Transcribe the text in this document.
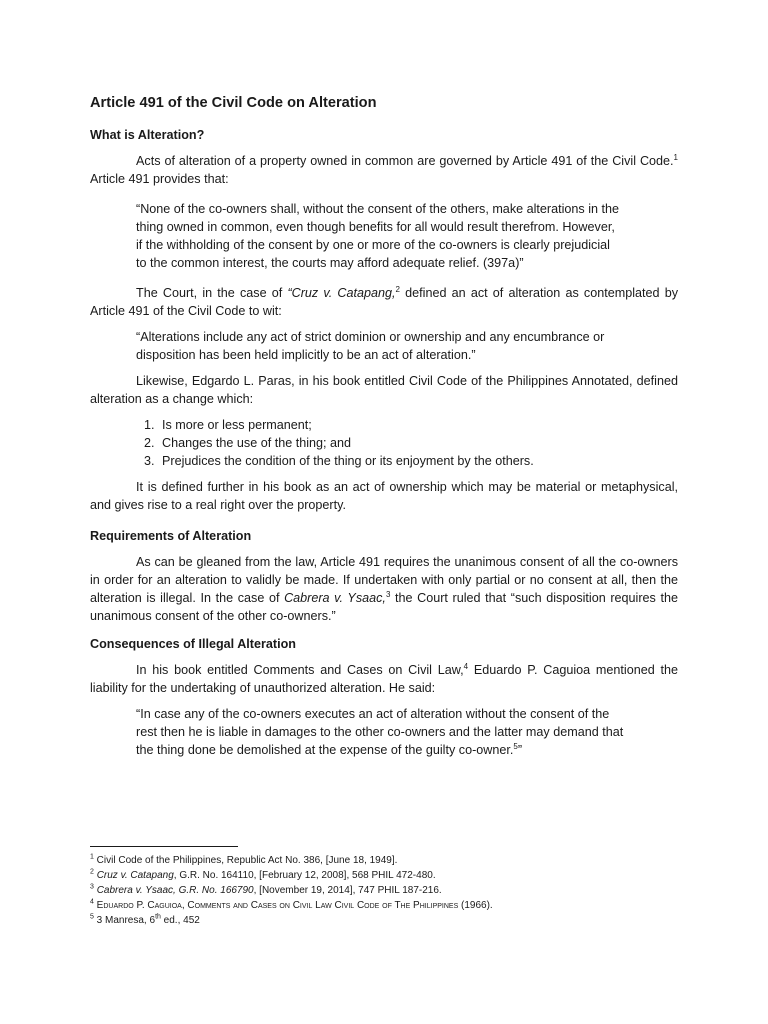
Article 491 of the Civil Code on Alteration
What is Alteration?

Acts of alteration of a property owned in common are governed by Article 491 of the Civil Code.$^1$ Article 491 provides that:

“None of the co-owners shall, without the consent of the others, make alterations in the
thing owned in common, even though benefits for all would result therefrom. However,
if the withholding of the consent by one or more of the co-owners is clearly prejudicial
to the common interest, the courts may afford adequate relief. (397a)”

The Court, in the case of “Cruz v. Catapang,$^2$ defined an act of alteration as contemplated by Article 491 of the Civil Code to wit:

“Alterations include any act of strict dominion or ownership and any encumbrance or
disposition has been held implicitly to be an act of alteration.”

Likewise, Edgardo L. Paras, in his book entitled Civil Code of the Philippines Annotated, defined alteration as a change which:

1. Is more or less permanent;
2. Changes the use of the thing; and
3. Prejudices the condition of the thing or its enjoyment by the others.

It is defined further in his book as an act of ownership which may be material or metaphysical, and gives rise to a real right over the property.

Requirements of Alteration

As can be gleaned from the law, Article 491 requires the unanimous consent of all the co-owners in order for an alteration to validly be made. If undertaken with only partial or no consent at all, then the alteration is illegal. In the case of Cabrera v. Ysaac,$^3$ the Court ruled that “such disposition requires the unanimous consent of the other co-owners.”

Consequences of Illegal Alteration

In his book entitled Comments and Cases on Civil Law,$^4$ Eduardo P. Caguioa mentioned the liability for the undertaking of unauthorized alteration. He said:

“In case any of the co-owners executes an act of alteration without the consent of the
rest then he is liable in damages to the other co-owners and the latter may demand that
the thing done be demolished at the expense of the guilty co-owner.$^5$”

$^1$ Civil Code of the Philippines, Republic Act No. 386, [June 18, 1949].

$^2$ Cruz v. Catapang, G.R. No. 164110, [February 12, 2008], 568 PHIL 472-480.

$^3$ Cabrera v. Ysaac, G.R. No. 166790, [November 19, 2014], 747 PHIL 187-216.

$^4$ Eduardo P. Caguioa, Comments and Cases on Civil Law Civil Code of The Philippines (1966).

$^5$ 3 Manresa, 6th ed., 452
